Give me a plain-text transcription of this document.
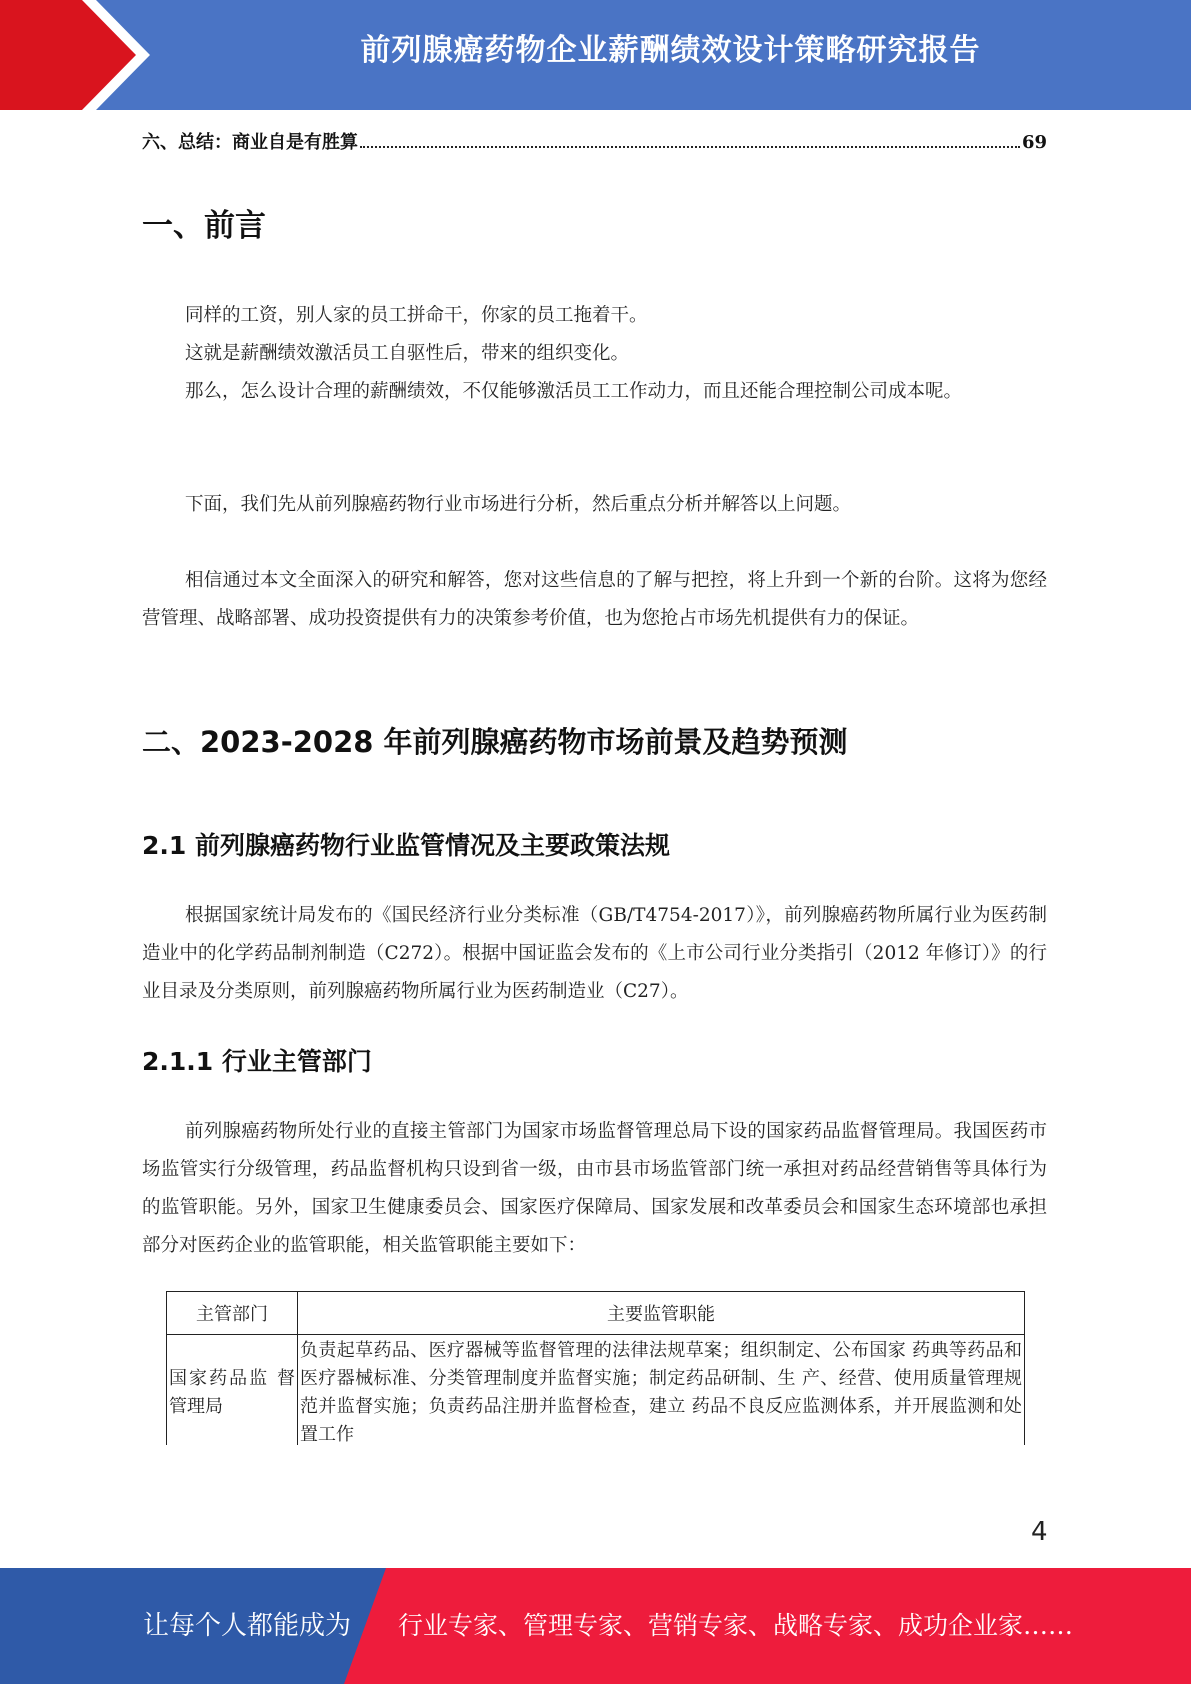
前列腺癌药物企业薪酬绩效设计策略研究报告
六、总结：商业自是有胜算	69
一、前言

同样的工资，别人家的员工拼命干，你家的员工拖着干。

这就是薪酬绩效激活员工自驱性后，带来的组织变化。

那么，怎么设计合理的薪酬绩效，不仅能够激活员工工作动力，而且还能合理控制公司成本呢。

下面，我们先从前列腺癌药物行业市场进行分析，然后重点分析并解答以上问题。

相信通过本文全面深入的研究和解答，您对这些信息的了解与把控，将上升到一个新的台阶。这将为您经营管理、战略部署、成功投资提供有力的决策参考价值，也为您抢占市场先机提供有力的保证。

二、2023-2028 年前列腺癌药物市场前景及趋势预测
2.1 前列腺癌药物行业监管情况及主要政策法规

根据国家统计局发布的《国民经济行业分类标准（GB/T4754-2017）》，前列腺癌药物所属行业为医药制造业中的化学药品制剂制造（C272）。根据中国证监会发布的《上市公司行业分类指引（2012 年修订）》的行业目录及分类原则，前列腺癌药物所属行业为医药制造业（C27）。

2.1.1 行业主管部门

前列腺癌药物所处行业的直接主管部门为国家市场监督管理总局下设的国家药品监督管理局。我国医药市场监管实行分级管理，药品监督机构只设到省一级，由市县市场监管部门统一承担对药品经营销售等具体行为的监管职能。另外，国家卫生健康委员会、国家医疗保障局、国家发展和改革委员会和国家生态环境部也承担部分对医药企业的监管职能，相关监管职能主要如下：

主管部门	主要监管职能
国家药品监 督管理局	负责起草药品、医疗器械等监督管理的法律法规草案；组织制定、公布国家 药典等药品和医疗器械标准、分类管理制度并监督实施；制定药品研制、生 产、经营、使用质量管理规范并监督实施；负责药品注册并监督检查，建立 药品不良反应监测体系，并开展监测和处置工作
4
让每个人都能成为 行业专家、管理专家、营销专家、战略专家、成功企业家……
